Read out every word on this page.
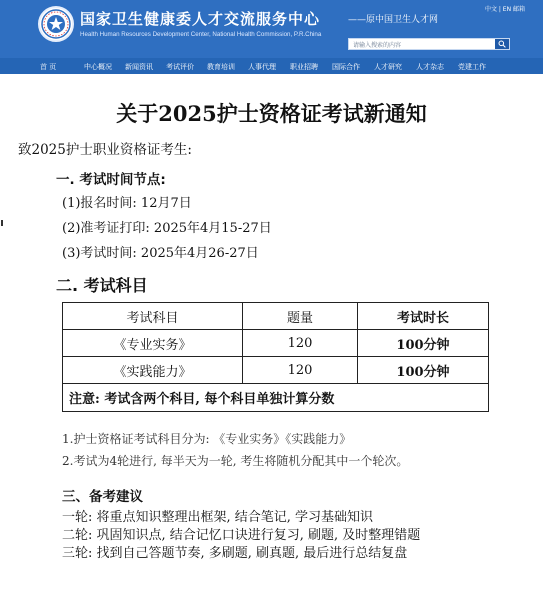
国家卫生健康委人才交流服务中心
Health Human Resources Development Center, National Health Commission, P.R.China
——原中国卫生人才网
中文 | EN 邮箱
请输入搜索的内容
首 页	中心概况 新闻资讯 考试评价 教育培训 人事代理 职业招聘 国际合作 人才研究 人才杂志 党建工作
关于2025护士资格证考试新通知
致2025护士职业资格证考生:
一. 考试时间节点:
(1)报名时间: 12月7日
(2)准考证打印: 2025年4月15-27日
(3)考试时间: 2025年4月26-27日
二. 考试科目
考试科目	题量	考试时长
《专业实务》	120	100分钟
《实践能力》	120	100分钟
注意: 考试含两个科目, 每个科目单独计算分数		
1.护士资格证考试科目分为: 《专业实务》《实践能力》
2.考试为4轮进行, 每半天为一轮, 考生将随机分配其中一个轮次。
三、备考建议
一轮: 将重点知识整理出框架, 结合笔记, 学习基础知识
二轮: 巩固知识点, 结合记忆口诀进行复习, 刷题, 及时整理错题
三轮: 找到自己答题节奏, 多刷题, 刷真题, 最后进行总结复盘
